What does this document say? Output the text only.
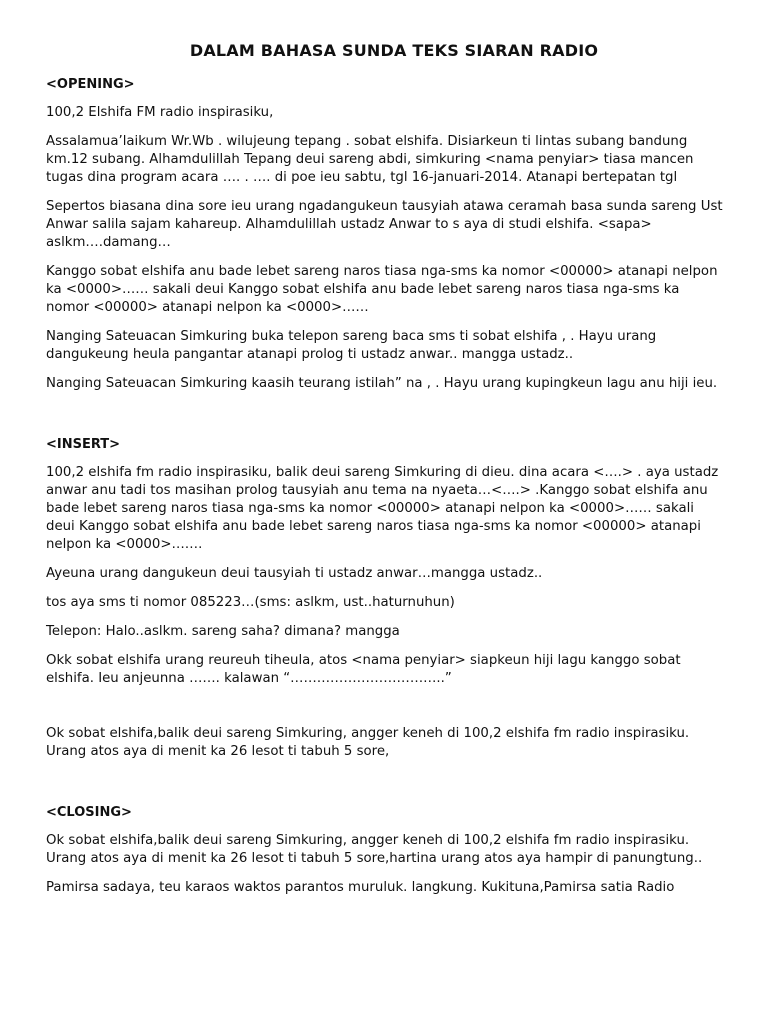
DALAM BAHASA SUNDA TEKS SIARAN RADIO
<OPENING>
100,2 Elshifa FM radio inspirasiku,
Assalamua’laikum Wr.Wb . wilujeung tepang . sobat elshifa. Disiarkeun ti lintas subang bandung km.12 subang. Alhamdulillah Tepang deui sareng abdi, simkuring <nama penyiar> tiasa mancen tugas dina program acara …. . …. di poe ieu sabtu, tgl 16-januari-2014. Atanapi bertepatan tgl
Sepertos biasana dina sore ieu urang ngadangukeun tausyiah atawa ceramah basa sunda sareng Ust Anwar salila sajam kahareup. Alhamdulillah ustadz Anwar to s aya di studi elshifa. <sapa> aslkm….damang…
Kanggo sobat elshifa anu bade lebet sareng naros tiasa nga-sms ka nomor <00000> atanapi nelpon ka <0000>…… sakali deui Kanggo sobat elshifa anu bade lebet sareng naros tiasa nga-sms ka nomor <00000> atanapi nelpon ka <0000>……
Nanging Sateuacan Simkuring buka telepon sareng baca sms ti sobat elshifa , . Hayu urang dangukeung heula pangantar atanapi prolog ti ustadz anwar.. mangga ustadz..
Nanging Sateuacan Simkuring kaasih teurang istilah” na , . Hayu urang kupingkeun lagu anu hiji ieu.
<INSERT>
100,2 elshifa fm radio inspirasiku, balik deui sareng Simkuring di dieu. dina acara <….> . aya ustadz anwar anu tadi tos masihan prolog tausyiah anu tema na nyaeta…<….> .Kanggo sobat elshifa anu bade lebet sareng naros tiasa nga-sms ka nomor <00000> atanapi nelpon ka <0000>…… sakali deui Kanggo sobat elshifa anu bade lebet sareng naros tiasa nga-sms ka nomor <00000> atanapi nelpon ka <0000>…….
Ayeuna urang dangukeun deui tausyiah ti ustadz anwar…mangga ustadz..
tos aya sms ti nomor 085223…(sms: aslkm, ust..haturnuhun)
Telepon: Halo..aslkm. sareng saha? dimana? mangga
Okk sobat elshifa urang reureuh tiheula, atos <nama penyiar> siapkeun hiji lagu kanggo sobat elshifa. Ieu anjeunna ……. kalawan “……………………………..”
Ok sobat elshifa,balik deui sareng Simkuring, angger keneh di 100,2 elshifa fm radio inspirasiku. Urang atos aya di menit ka 26 lesot ti tabuh 5 sore,
<CLOSING>
Ok sobat elshifa,balik deui sareng Simkuring, angger keneh di 100,2 elshifa fm radio inspirasiku. Urang atos aya di menit ka 26 lesot ti tabuh 5 sore,hartina urang atos aya hampir di panungtung..
Pamirsa sadaya, teu karaos waktos parantos muruluk. langkung. Kukituna,Pamirsa satia Radio
